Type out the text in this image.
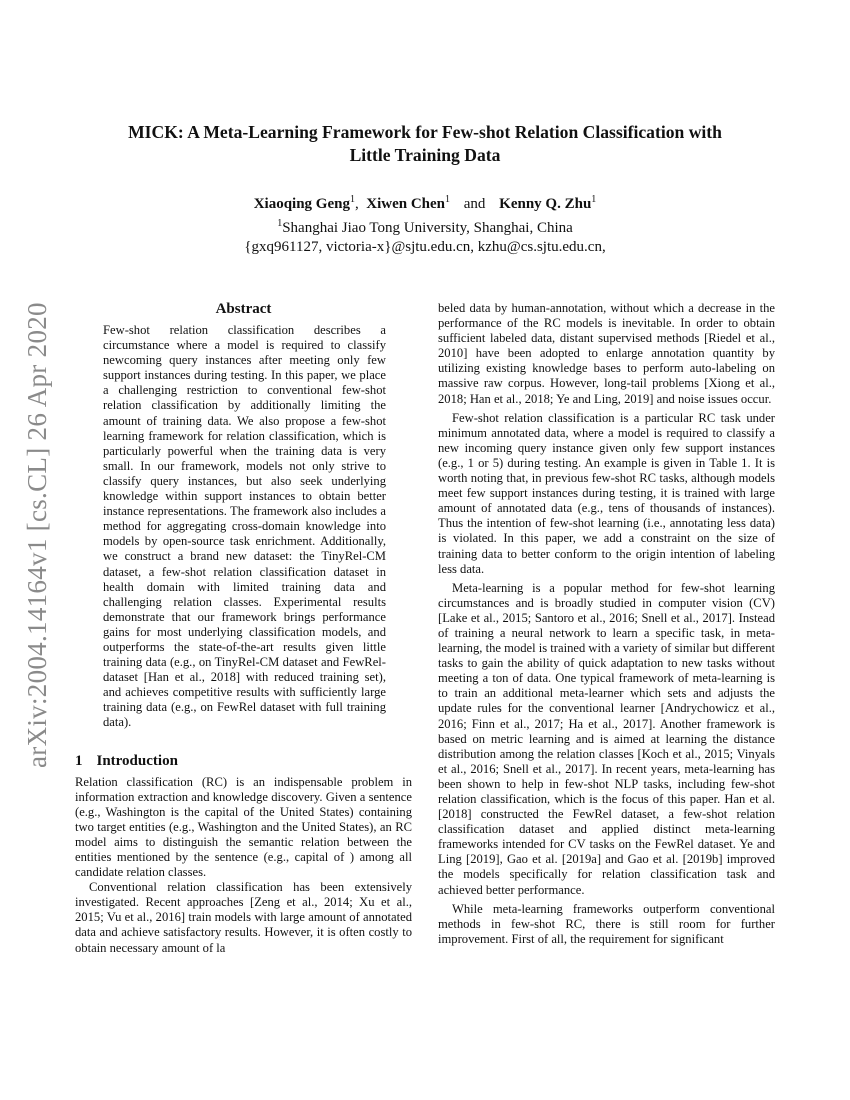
MICK: A Meta-Learning Framework for Few-shot Relation Classification with
Little Training Data
Xiaoqing Geng$^1$, Xiwen Chen$^1$ and Kenny Q. Zhu$^1$
$^1$Shanghai Jiao Tong University, Shanghai, China
{gxq961127, victoria-x}@sjtu.edu.cn, kzhu@cs.sjtu.edu.cn,
arXiv:2004.14164v1 [cs.CL] 26 Apr 2020	Abstract

Few-shot relation classification describes a circumstance where a model is required to classify newcoming query instances after meeting only few support instances during testing. In this paper, we place a challenging restriction to conventional few-shot relation classification by additionally limiting the amount of training data. We also propose a few-shot learning framework for relation classification, which is particularly powerful when the training data is very small. In our framework, models not only strive to classify query instances, but also seek underlying knowledge within support instances to obtain better instance representations. The framework also includes a method for aggregating cross-domain knowledge into models by open-source task enrichment. Additionally, we construct a brand new dataset: the TinyRel-CM dataset, a few-shot relation classification dataset in health domain with limited training data and challenging relation classes. Experimental results demonstrate that our framework brings performance gains for most underlying classification models, and outperforms the state-of-the-art results given little training data (e.g., on TinyRel-CM dataset and FewRel-dataset [Han et al., 2018] with reduced training set), and achieves competitive results with sufficiently large training data (e.g., on FewRel dataset with full training data).

1 Introduction

Relation classification (RC) is an indispensable problem in information extraction and knowledge discovery. Given a sentence (e.g., Washington is the capital of the United States) containing two target entities (e.g., Washington and the United States), an RC model aims to distinguish the semantic relation between the entities mentioned by the sentence (e.g., capital of ) among all candidate relation classes.

Conventional relation classification has been extensively investigated. Recent approaches [Zeng et al., 2014; Xu et al., 2015; Vu et al., 2016] train models with large amount of annotated data and achieve satisfactory results. However, it is often costly to obtain necessary amount of la

beled data by human-annotation, without which a decrease in the performance of the RC models is inevitable. In order to obtain sufficient labeled data, distant supervised methods [Riedel et al., 2010] have been adopted to enlarge annotation quantity by utilizing existing knowledge bases to perform auto-labeling on massive raw corpus. However, long-tail problems [Xiong et al., 2018; Han et al., 2018; Ye and Ling, 2019] and noise issues occur.

Few-shot relation classification is a particular RC task under minimum annotated data, where a model is required to classify a new incoming query instance given only few support instances (e.g., 1 or 5) during testing. An example is given in Table 1. It is worth noting that, in previous few-shot RC tasks, although models meet few support instances during testing, it is trained with large amount of annotated data (e.g., tens of thousands of instances). Thus the intention of few-shot learning (i.e., annotating less data) is violated. In this paper, we add a constraint on the size of training data to better conform to the origin intention of labeling less data.

Meta-learning is a popular method for few-shot learning circumstances and is broadly studied in computer vision (CV) [Lake et al., 2015; Santoro et al., 2016; Snell et al., 2017]. Instead of training a neural network to learn a specific task, in meta-learning, the model is trained with a variety of similar but different tasks to gain the ability of quick adaptation to new tasks without meeting a ton of data. One typical framework of meta-learning is to train an additional meta-learner which sets and adjusts the update rules for the conventional learner [Andrychowicz et al., 2016; Finn et al., 2017; Ha et al., 2017]. Another framework is based on metric learning and is aimed at learning the distance distribution among the relation classes [Koch et al., 2015; Vinyals et al., 2016; Snell et al., 2017]. In recent years, meta-learning has been shown to help in few-shot NLP tasks, including few-shot relation classification, which is the focus of this paper. Han et al. [2018] constructed the FewRel dataset, a few-shot relation classification dataset and applied distinct meta-learning frameworks intended for CV tasks on the FewRel dataset. Ye and Ling [2019], Gao et al. [2019a] and Gao et al. [2019b] improved the models specifically for relation classification task and achieved better performance.

While meta-learning frameworks outperform conventional methods in few-shot RC, there is still room for further improvement. First of all, the requirement for significant
